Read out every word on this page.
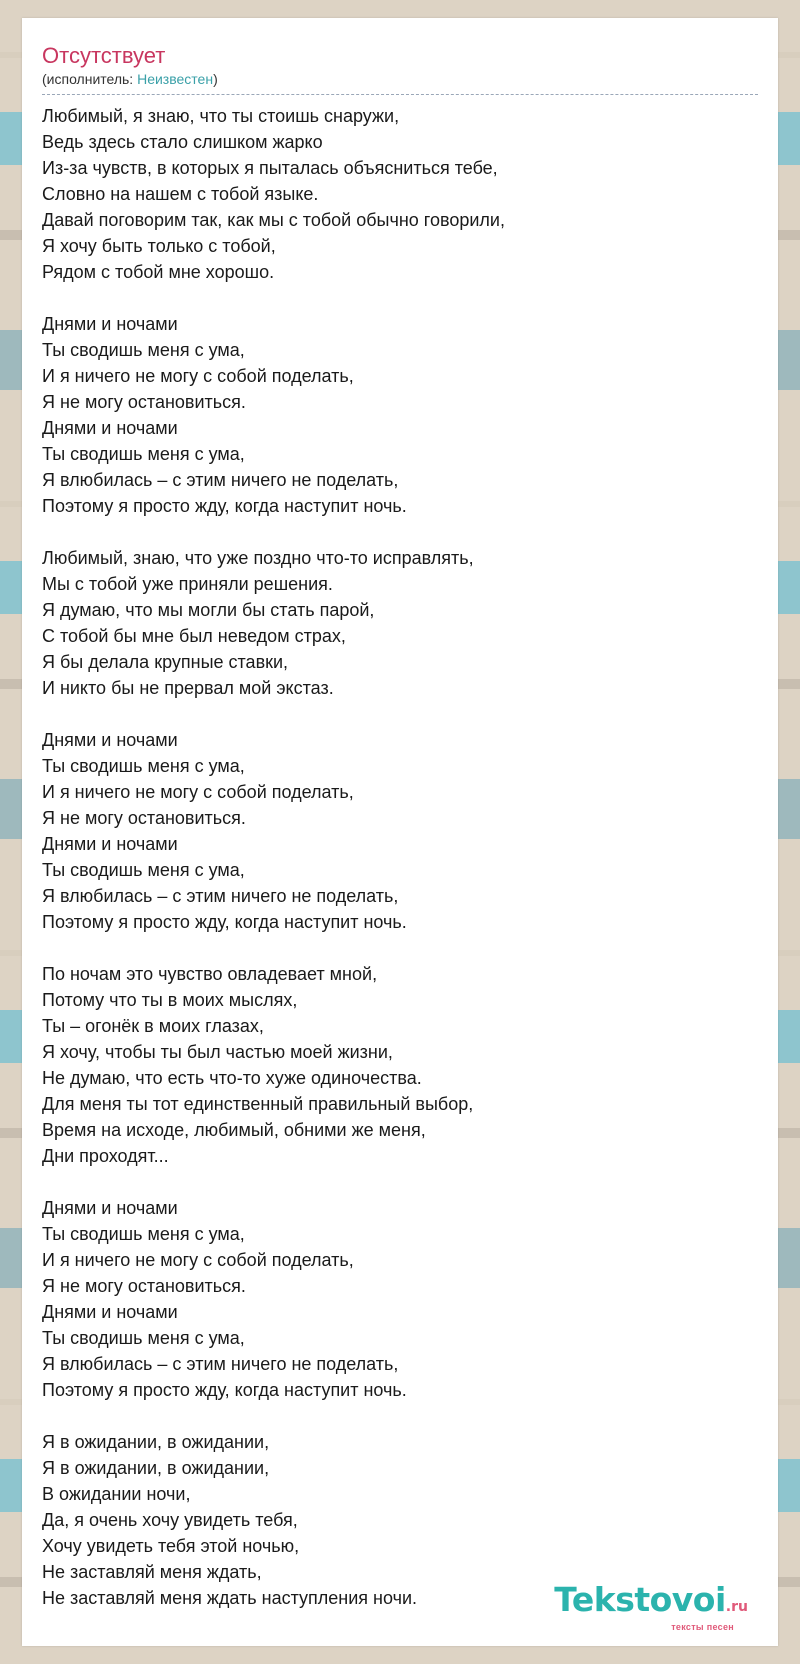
Отсутствует
(исполнитель: Неизвестен)
Любимый, я знаю, что ты стоишь снаружи,
Ведь здесь стало слишком жарко
Из-за чувств, в которых я пыталась объясниться тебе,
Словно на нашем с тобой языке.
Давай поговорим так, как мы с тобой обычно говорили,
Я хочу быть только с тобой,
Рядом с тобой мне хорошо.
Днями и ночами
Ты сводишь меня с ума,
И я ничего не могу с собой поделать,
Я не могу остановиться.
Днями и ночами
Ты сводишь меня с ума,
Я влюбилась – с этим ничего не поделать,
Поэтому я просто жду, когда наступит ночь.
Любимый, знаю, что уже поздно что-то исправлять,
Мы с тобой уже приняли решения.
Я думаю, что мы могли бы стать парой,
С тобой бы мне был неведом страх,
Я бы делала крупные ставки,
И никто бы не прервал мой экстаз.
Днями и ночами
Ты сводишь меня с ума,
И я ничего не могу с собой поделать,
Я не могу остановиться.
Днями и ночами
Ты сводишь меня с ума,
Я влюбилась – с этим ничего не поделать,
Поэтому я просто жду, когда наступит ночь.
По ночам это чувство овладевает мной,
Потому что ты в моих мыслях,
Ты – огонёк в моих глазах,
Я хочу, чтобы ты был частью моей жизни,
Не думаю, что есть что-то хуже одиночества.
Для меня ты тот единственный правильный выбор,
Время на исходе, любимый, обними же меня,
Дни проходят...
Днями и ночами
Ты сводишь меня с ума,
И я ничего не могу с собой поделать,
Я не могу остановиться.
Днями и ночами
Ты сводишь меня с ума,
Я влюбилась – с этим ничего не поделать,
Поэтому я просто жду, когда наступит ночь.
Я в ожидании, в ожидании,
Я в ожидании, в ожидании,
В ожидании ночи,
Да, я очень хочу увидеть тебя,
Хочу увидеть тебя этой ночью,
Не заставляй меня ждать,
Не заставляй меня ждать наступления ночи.	Tekstovoi.ru
тексты песен
